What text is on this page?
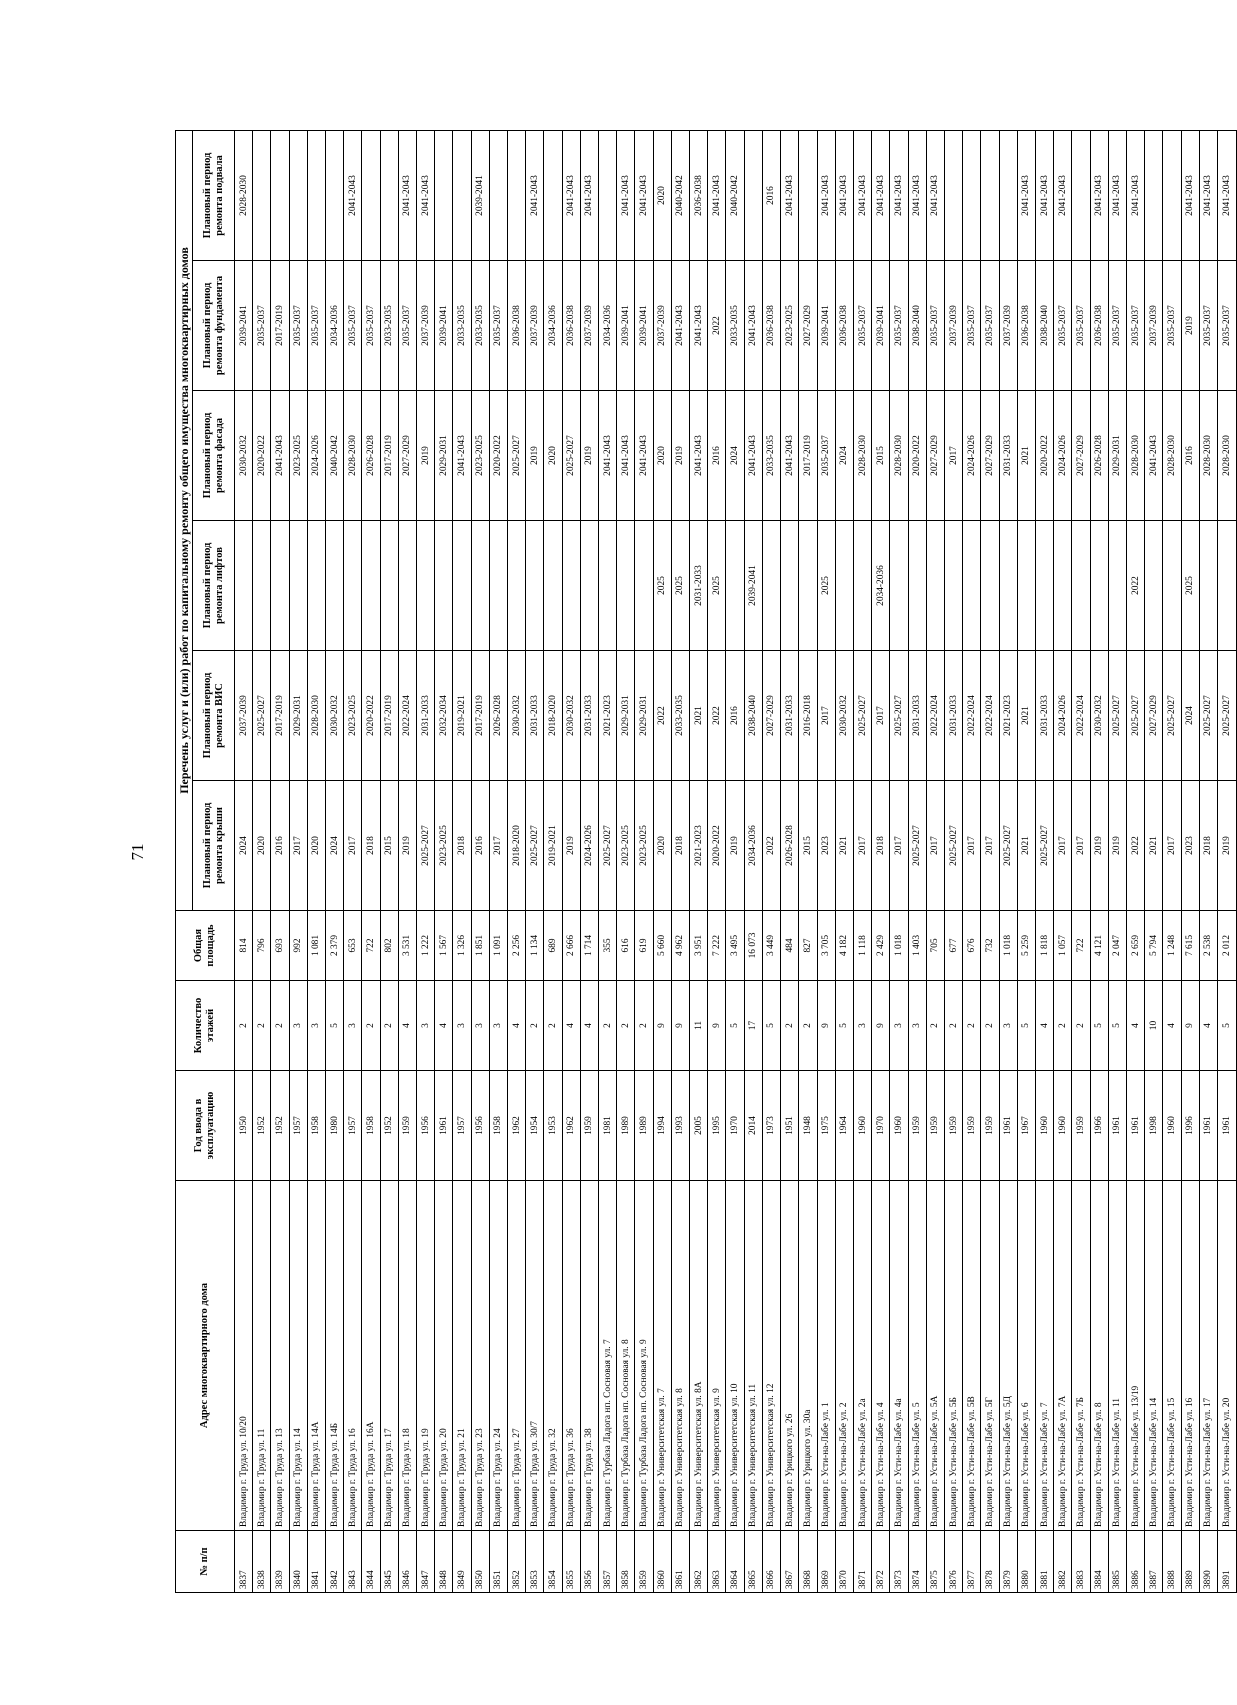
71
№ п/п	Адрес многоквартирного дома	Год ввода в эксплуатацию	Количество этажей	Общая площадь	Перечень услуг и (или) работ по капитальному ремонту общего имущества многоквартирных домов					
					Плановый период ремонта крыши	Плановый период ремонта ВИС	Плановый период ремонта лифтов	Плановый период ремонта фасада	Плановый период ремонта фундамента	Плановый период ремонта подвала
3837	Владимир г. Труда ул. 10/20	1950	2	814	2024	2037-2039		2030-2032	2039-2041	2028-2030
3838	Владимир г. Труда ул. 11	1952	2	796	2020	2025-2027		2020-2022	2035-2037	
3839	Владимир г. Труда ул. 13	1952	2	693	2016	2017-2019		2041-2043	2017-2019	
3840	Владимир г. Труда ул. 14	1957	3	992	2017	2029-2031		2023-2025	2035-2037	
3841	Владимир г. Труда ул. 14А	1958	3	1 081	2020	2028-2030		2024-2026	2035-2037	
3842	Владимир г. Труда ул. 14Б	1980	5	2 379	2024	2030-2032		2040-2042	2034-2036	
3843	Владимир г. Труда ул. 16	1957	3	653	2017	2023-2025		2028-2030	2035-2037	2041-2043
3844	Владимир г. Труда ул. 16А	1958	2	722	2018	2020-2022		2026-2028	2035-2037	
3845	Владимир г. Труда ул. 17	1952	2	802	2015	2017-2019		2017-2019	2033-2035	
3846	Владимир г. Труда ул. 18	1959	4	3 531	2019	2022-2024		2027-2029	2035-2037	2041-2043
3847	Владимир г. Труда ул. 19	1956	3	1 222	2025-2027	2031-2033		2019	2037-2039	2041-2043
3848	Владимир г. Труда ул. 20	1961	4	1 567	2023-2025	2032-2034		2029-2031	2039-2041	
3849	Владимир г. Труда ул. 21	1957	3	1 326	2018	2019-2021		2041-2043	2033-2035	
3850	Владимир г. Труда ул. 23	1956	3	1 851	2016	2017-2019		2023-2025	2033-2035	2039-2041
3851	Владимир г. Труда ул. 24	1958	3	1 091	2017	2026-2028		2020-2022	2035-2037	
3852	Владимир г. Труда ул. 27	1962	4	2 256	2018-2020	2030-2032		2025-2027	2036-2038	
3853	Владимир г. Труда ул. 30/7	1954	2	1 134	2025-2027	2031-2033		2019	2037-2039	2041-2043
3854	Владимир г. Труда ул. 32	1953	2	689	2019-2021	2018-2020		2020	2034-2036	
3855	Владимир г. Труда ул. 36	1962	4	2 666	2019	2030-2032		2025-2027	2036-2038	2041-2043
3856	Владимир г. Труда ул. 38	1959	4	1 714	2024-2026	2031-2033		2019	2037-2039	2041-2043
3857	Владимир г. Турбаза Ладога нп. Сосновая ул. 7	1981	2	355	2025-2027	2021-2023		2041-2043	2034-2036	
3858	Владимир г. Турбаза Ладога нп. Сосновая ул. 8	1989	2	616	2023-2025	2029-2031		2041-2043	2039-2041	2041-2043
3859	Владимир г. Турбаза Ладога нп. Сосновая ул. 9	1989	2	619	2023-2025	2029-2031		2041-2043	2039-2041	2041-2043
3860	Владимир г. Университетская ул. 7	1994	9	5 660	2020	2022	2025	2020	2037-2039	2020
3861	Владимир г. Университетская ул. 8	1993	9	4 962	2018	2033-2035	2025	2019	2041-2043	2040-2042
3862	Владимир г. Университетская ул. 8А	2005	11	3 951	2021-2023	2021	2031-2033	2041-2043	2041-2043	2036-2038
3863	Владимир г. Университетская ул. 9	1995	9	7 222	2020-2022	2022	2025	2016	2022	2041-2043
3864	Владимир г. Университетская ул. 10	1970	5	3 495	2019	2016		2024	2033-2035	2040-2042
3865	Владимир г. Университетская ул. 11	2014	17	16 073	2034-2036	2038-2040	2039-2041	2041-2043	2041-2043	
3866	Владимир г. Университетская ул. 12	1973	5	3 449	2022	2027-2029		2033-2035	2036-2038	2016
3867	Владимир г. Урицкого ул. 26	1951	2	484	2026-2028	2031-2033		2041-2043	2023-2025	2041-2043
3868	Владимир г. Урицкого ул. 30а	1948	2	827	2015	2016-2018		2017-2019	2027-2029	
3869	Владимир г. Усти-на-Лабе ул. 1	1975	9	3 705	2023	2017	2025	2035-2037	2039-2041	2041-2043
3870	Владимир г. Усти-на-Лабе ул. 2	1964	5	4 182	2021	2030-2032		2024	2036-2038	2041-2043
3871	Владимир г. Усти-на-Лабе ул. 2а	1960	3	1 118	2017	2025-2027		2028-2030	2035-2037	2041-2043
3872	Владимир г. Усти-на-Лабе ул. 4	1970	9	2 429	2018	2017	2034-2036	2015	2039-2041	2041-2043
3873	Владимир г. Усти-на-Лабе ул. 4а	1960	3	1 018	2017	2025-2027		2028-2030	2035-2037	2041-2043
3874	Владимир г. Усти-на-Лабе ул. 5	1959	3	1 403	2025-2027	2031-2033		2020-2022	2038-2040	2041-2043
3875	Владимир г. Усти-на-Лабе ул. 5А	1959	2	705	2017	2022-2024		2027-2029	2035-2037	2041-2043
3876	Владимир г. Усти-на-Лабе ул. 5Б	1959	2	677	2025-2027	2031-2033		2017	2037-2039	
3877	Владимир г. Усти-на-Лабе ул. 5В	1959	2	676	2017	2022-2024		2024-2026	2035-2037	
3878	Владимир г. Усти-на-Лабе ул. 5Г	1959	2	732	2017	2022-2024		2027-2029	2035-2037	
3879	Владимир г. Усти-на-Лабе ул. 5Д	1961	3	1 018	2025-2027	2021-2023		2031-2033	2037-2039	
3880	Владимир г. Усти-на-Лабе ул. 6	1967	5	5 259	2021	2021		2021	2036-2038	2041-2043
3881	Владимир г. Усти-на-Лабе ул. 7	1960	4	1 818	2025-2027	2031-2033		2020-2022	2038-2040	2041-2043
3882	Владимир г. Усти-на-Лабе ул. 7А	1960	2	1 057	2017	2024-2026		2024-2026	2035-2037	2041-2043
3883	Владимир г. Усти-на-Лабе ул. 7Б	1959	2	722	2017	2022-2024		2027-2029	2035-2037	
3884	Владимир г. Усти-на-Лабе ул. 8	1966	5	4 121	2019	2030-2032		2026-2028	2036-2038	2041-2043
3885	Владимир г. Усти-на-Лабе ул. 11	1961	5	2 047	2019	2025-2027		2029-2031	2035-2037	2041-2043
3886	Владимир г. Усти-на-Лабе ул. 13/19	1961	4	2 659	2022	2025-2027	2022	2028-2030	2035-2037	2041-2043
3887	Владимир г. Усти-на-Лабе ул. 14	1998	10	5 794	2021	2027-2029		2041-2043	2037-2039	
3888	Владимир г. Усти-на-Лабе ул. 15	1960	4	1 248	2017	2025-2027		2028-2030	2035-2037	
3889	Владимир г. Усти-на-Лабе ул. 16	1996	9	7 615	2023	2024	2025	2016	2019	2041-2043
3890	Владимир г. Усти-на-Лабе ул. 17	1961	4	2 538	2018	2025-2027		2028-2030	2035-2037	2041-2043
3891	Владимир г. Усти-на-Лабе ул. 20	1961	5	2 012	2019	2025-2027		2028-2030	2035-2037	2041-2043
